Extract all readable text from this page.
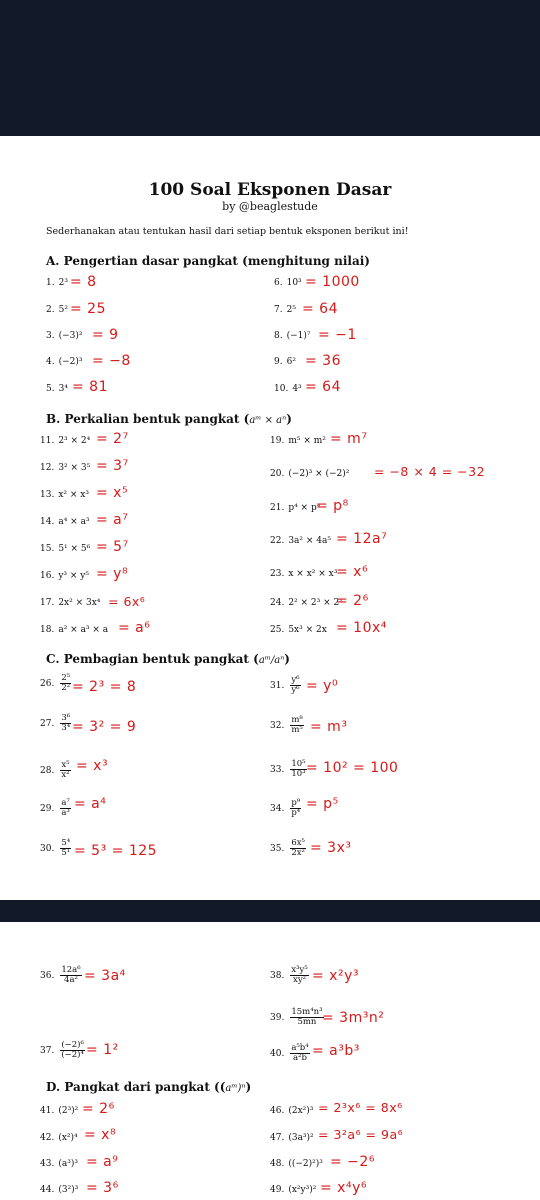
100 Soal Eksponen Dasar
by @beaglestude
Sederhanakan atau tentukan hasil dari setiap bentuk eksponen berikut ini!
A. Pengertian dasar pangkat (menghitung nilai)
1. 2³ = 8
2. 5² = 25
3. (−3)² = 9
4. (−2)³ = −8
5. 3⁴ = 81
6. 10³ = 1000
7. 2⁵ = 64
8. (−1)⁷ = −1
9. 6² = 36
10. 4³ = 64
B. Perkalian bentuk pangkat (aᵐ × aⁿ)
11. 2³ × 2⁴ = 2⁷
12. 3² × 3⁵ = 3⁷
13. x² × x³ = x⁵
14. a⁴ × a³ = a⁷
15. 5¹ × 5⁶ = 5⁷
16. y³ × y⁵ = y⁸
17. 2x² × 3x⁴ = 6x⁶
18. a² × a³ × a = a⁶
19. m⁵ × m² = m⁷
20. (−2)³ × (−2)² = −8 × 4 = −32
21. p⁴ × p⁴
= p⁸
22. 3a² × 4a⁵ = 12a⁷
23. x × x² × x³
= x⁶
24. 2² × 2³ × 2¹
= 2⁶
25. 5x³ × 2x = 10x⁴
C. Pembagian bentuk pangkat (aᵐ/aⁿ)
26. $\frac{\text{2⁵}}{\text{2²}} = 2^3 = 8$
27. $\frac{\text{3⁶}}{\text{3⁴}} = 3^2 = 9$
28. $\frac{\text{x⁵}}{\text{x²}} = x^3$
29. $\frac{\text{a⁷}}{\text{a³}} = a^4$
30. $\frac{\text{5⁴}}{\text{5¹}} = 5^3 = 125$
31. $\frac{\text{y⁶}}{\text{y⁶}} = y^0$
32. $\frac{\text{m⁸}}{\text{m⁵}} = m^3$
33. $\frac{\text{10⁵}}{\text{10³}} = 10^2 = 100$
34. $\frac{\text{p⁹}}{\text{p⁴}} = p^5$
35. $\frac{\text{6x⁵}}{\text{2x²}} = 3x^3$
36. $\frac{\text{12a⁶}}{\text{4a²}} = 3a^4$
37. $\frac{\text{(−2)⁶}}{\text{(−2)⁴}} = 1^2$
38. $\frac{\text{x³y⁵}}{\text{xy²}} = x^2y^3$
39. $\frac{\text{15m⁴n³}}{5mn}$
= 3m³n²
40. $\frac{\text{a⁵b⁴}}{\text{a²b}} = a^3b^3$
D. Pangkat dari pangkat ((aᵐ)ⁿ)
41. (2³)² = 2⁶
42. (x²)⁴ = x⁸
43. (a³)³ = a⁹
44. (3²)³ = 3⁶
46. (2x²)³ = 2³x⁶ = 8x⁶
47. (3a³)² = 3²a⁶ = 9a⁶
48. ((−2)²)³ = −2⁶
49. (x²y³)² = x⁴y⁶
